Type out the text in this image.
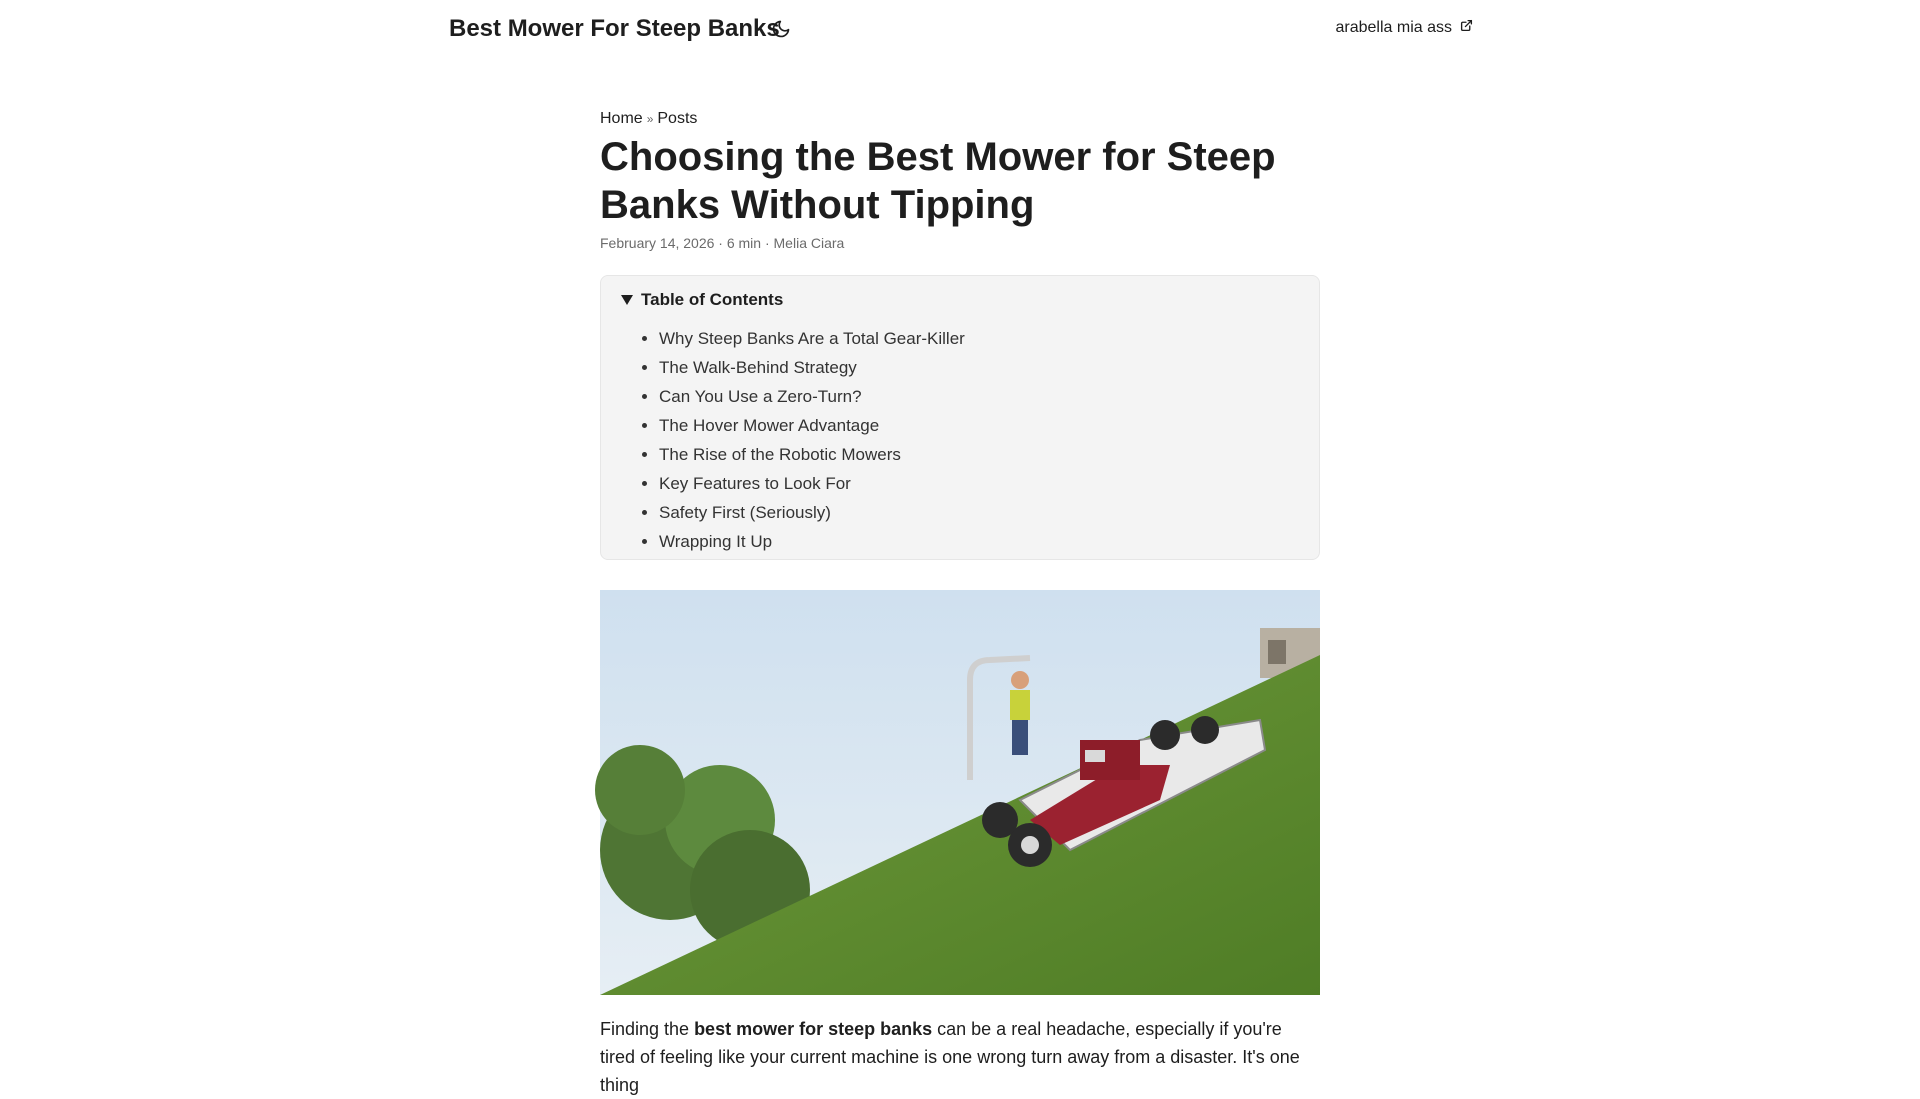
Best Mower For Steep Banks	arabella mia ass
Home » Posts
Choosing the Best Mower for Steep Banks Without Tipping
February 14, 2026 · 6 min · Melia Ciara
Table of Contents
• Why Steep Banks Are a Total Gear-Killer
• The Walk-Behind Strategy
• Can You Use a Zero-Turn?
• The Hover Mower Advantage
• The Rise of the Robotic Mowers
• Key Features to Look For
• Safety First (Seriously)
• Wrapping It Up

Finding the best mower for steep banks can be a real headache, especially if you're tired of feeling like your current machine is one wrong turn away from a disaster. It's one thing
